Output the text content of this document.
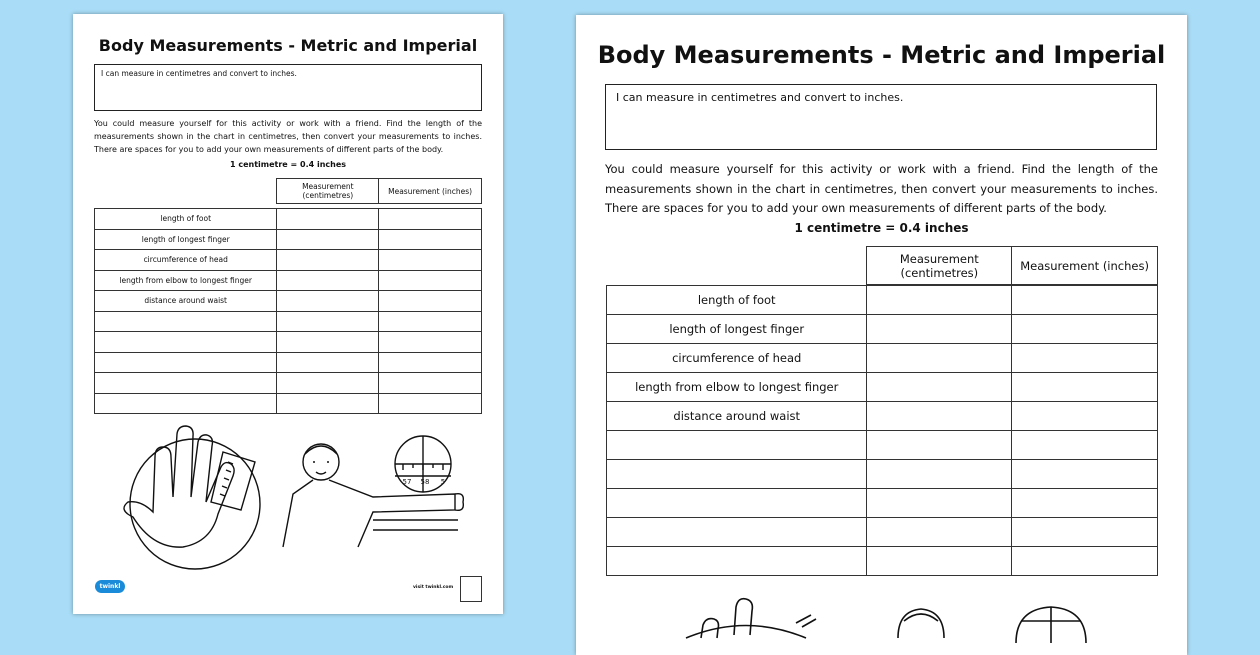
Body Measurements - Metric and Imperial
I can measure in centimetres and convert to inches.
You could measure yourself for this activity or work with a friend. Find the length of the measurements shown in the chart in centimetres, then convert your measurements to inches. There are spaces for you to add your own measurements of different parts of the body.
1 centimetre = 0.4 inches
	Measurement (centimetres)	Measurement (inches)

length of foot		
length of longest finger		
circumference of head		
length from elbow to longest finger		
distance around waist		

57 58 5
twinkl	visit twinkl.com
Body Measurements - Metric and Imperial
I can measure in centimetres and convert to inches.
You could measure yourself for this activity or work with a friend. Find the length of the measurements shown in the chart in centimetres, then convert your measurements to inches. There are spaces for you to add your own measurements of different parts of the body.
1 centimetre = 0.4 inches
	Measurement (centimetres)	Measurement (inches)

length of foot		
length of longest finger		
circumference of head		
length from elbow to longest finger		
distance around waist		
